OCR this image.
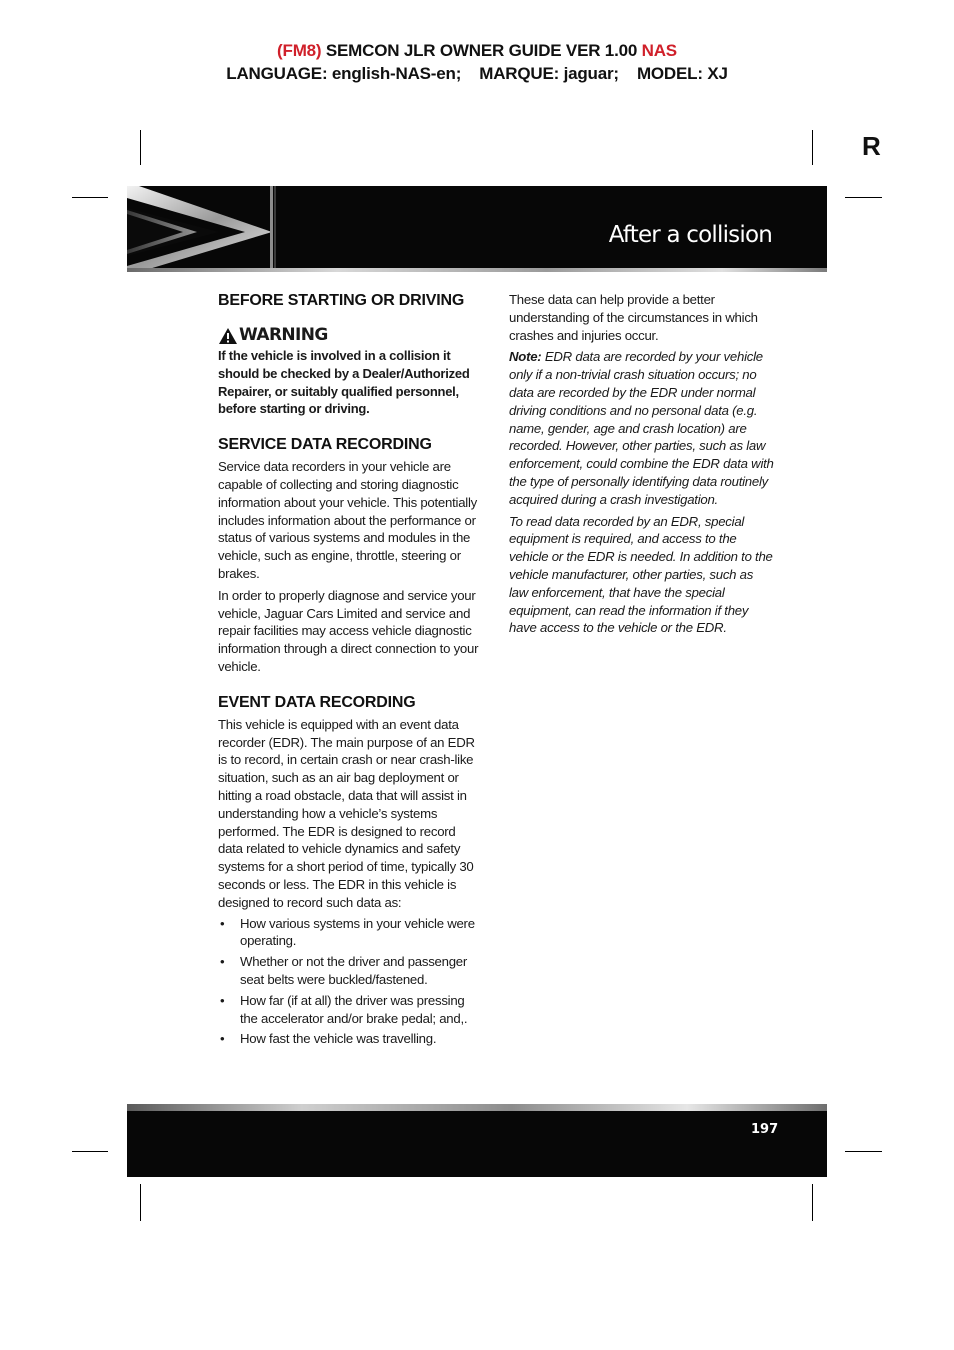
(FM8) SEMCON JLR OWNER GUIDE VER 1.00 NAS
LANGUAGE: english-NAS-en;    MARQUE: jaguar;    MODEL: XJ
R
After a collision
BEFORE STARTING OR DRIVING
WARNING

If the vehicle is involved in a collision it should be checked by a Dealer/Authorized Repairer, or suitably qualified personnel, before starting or driving.

SERVICE DATA RECORDING

Service data recorders in your vehicle are capable of collecting and storing diagnostic information about your vehicle. This potentially includes information about the performance or status of various systems and modules in the vehicle, such as engine, throttle, steering or brakes.

In order to properly diagnose and service your vehicle, Jaguar Cars Limited and service and repair facilities may access vehicle diagnostic information through a direct connection to your vehicle.

EVENT DATA RECORDING

This vehicle is equipped with an event data recorder (EDR). The main purpose of an EDR is to record, in certain crash or near crash-like situation, such as an air bag deployment or hitting a road obstacle, data that will assist in understanding how a vehicle’s systems performed. The EDR is designed to record data related to vehicle dynamics and safety systems for a short period of time, typically 30 seconds or less. The EDR in this vehicle is designed to record such data as:

• How various systems in your vehicle were operating.
• Whether or not the driver and passenger seat belts were buckled/fastened.
• How far (if at all) the driver was pressing the accelerator and/or brake pedal; and,.
• How fast the vehicle was travelling.

These data can help provide a better understanding of the circumstances in which crashes and injuries occur.

Note: EDR data are recorded by your vehicle only if a non-trivial crash situation occurs; no data are recorded by the EDR under normal driving conditions and no personal data (e.g. name, gender, age and crash location) are recorded. However, other parties, such as law enforcement, could combine the EDR data with the type of personally identifying data routinely acquired during a crash investigation.

To read data recorded by an EDR, special equipment is required, and access to the vehicle or the EDR is needed. In addition to the vehicle manufacturer, other parties, such as law enforcement, that have the special equipment, can read the information if they have access to the vehicle or the EDR.

197
